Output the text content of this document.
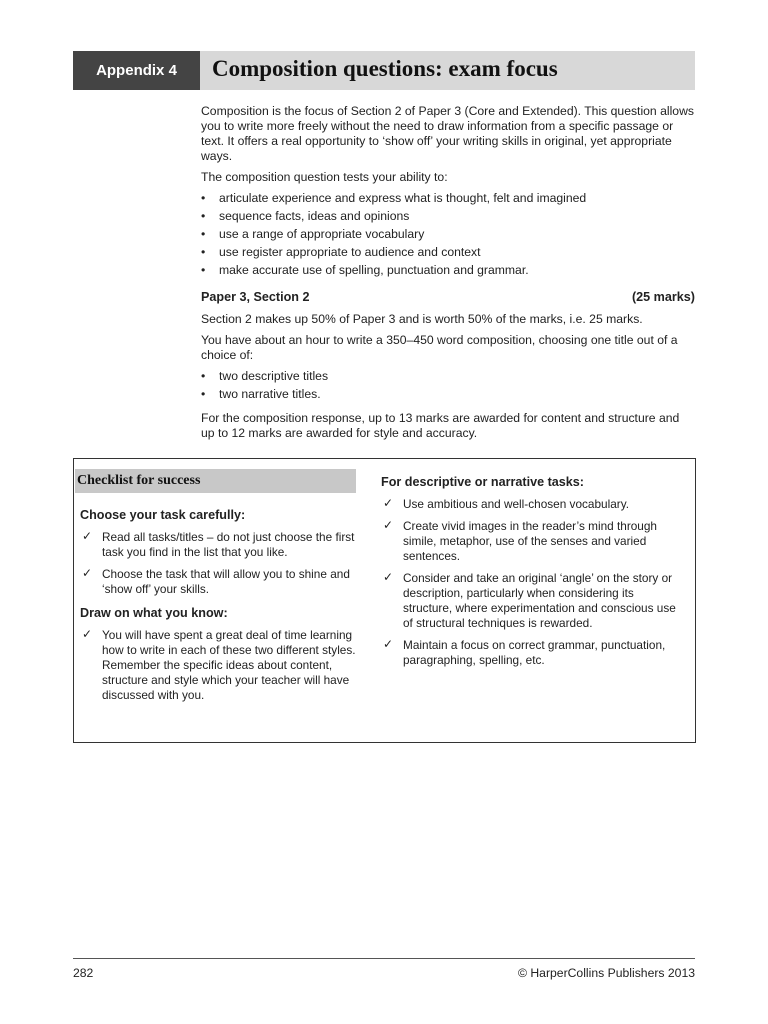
Appendix 4 Composition questions: exam focus

Composition is the focus of Section 2 of Paper 3 (Core and Extended). This question allows you to write more freely without the need to draw information from a specific passage or text. It offers a real opportunity to ‘show off’ your writing skills in original, yet appropriate ways.

The composition question tests your ability to:

• articulate experience and express what is thought, felt and imagined
• sequence facts, ideas and opinions
• use a range of appropriate vocabulary
• use register appropriate to audience and context
• make accurate use of spelling, punctuation and grammar.
Paper 3, Section 2	(25 marks)

Section 2 makes up 50% of Paper 3 and is worth 50% of the marks, i.e. 25 marks.

You have about an hour to write a 350–450 word composition, choosing one title out of a choice of:

• two descriptive titles
• two narrative titles.

For the composition response, up to 13 marks are awarded for content and structure and up to 12 marks are awarded for style and accuracy.

Checklist for success
Choose your task carefully:
✓ Read all tasks/titles – do not just choose the first task you find in the list that you like.
✓ Choose the task that will allow you to shine and ‘show off’ your skills.
Draw on what you know:
✓ You will have spent a great deal of time learning how to write in each of these two different styles. Remember the specific ideas about content, structure and style which your teacher will have discussed with you.
For descriptive or narrative tasks:
✓ Use ambitious and well-chosen vocabulary.
✓ Create vivid images in the reader’s mind through simile, metaphor, use of the senses and varied sentences.
✓ Consider and take an original ‘angle’ on the story or description, particularly when considering its structure, where experimentation and conscious use of structural techniques is rewarded.
✓ Maintain a focus on correct grammar, punctuation, paragraphing, spelling, etc.
282	© HarperCollins Publishers 2013
